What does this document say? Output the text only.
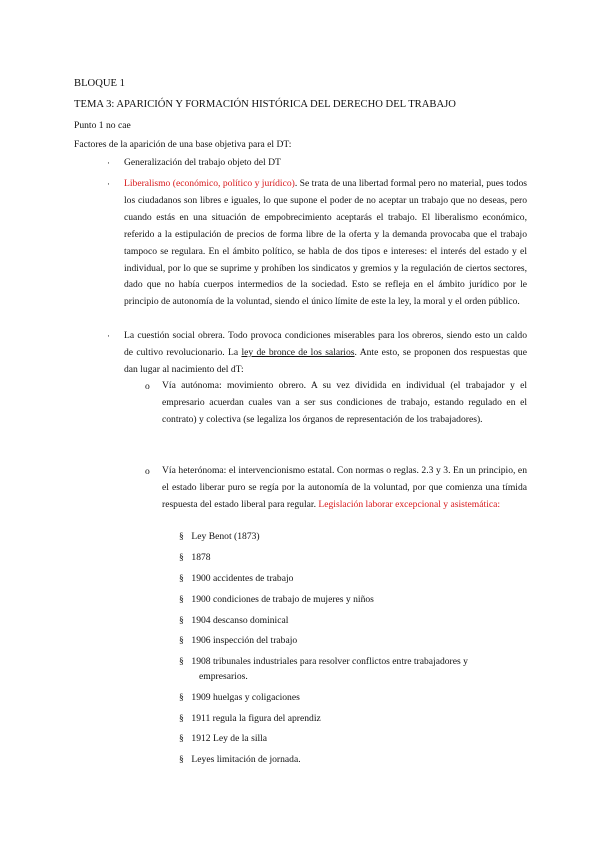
BLOQUE 1
TEMA 3: APARICIÓN Y FORMACIÓN HISTÓRICA DEL DERECHO DEL TRABAJO
Punto 1 no cae
Factores de la aparición de una base objetiva para el DT:
· Generalización del trabajo objeto del DT
· Liberalismo (económico, político y jurídico). Se trata de una libertad formal pero no material, pues todos los ciudadanos son libres e iguales, lo que supone el poder de no aceptar un trabajo que no deseas, pero cuando estás en una situación de empobrecimiento aceptarás el trabajo. El liberalismo económico, referido a la estipulación de precios de forma libre de la oferta y la demanda provocaba que el trabajo tampoco se regulara. En el ámbito político, se habla de dos tipos e intereses: el interés del estado y el individual, por lo que se suprime y prohíben los sindicatos y gremios y la regulación de ciertos sectores, dado que no había cuerpos intermedios de la sociedad. Esto se refleja en el ámbito jurídico por le principio de autonomía de la voluntad, siendo el único límite de este la ley, la moral y el orden público.
· La cuestión social obrera. Todo provoca condiciones miserables para los obreros, siendo esto un caldo de cultivo revolucionario. La ley de bronce de los salarios. Ante esto, se proponen dos respuestas que dan lugar al nacimiento del dT:
o Vía autónoma: movimiento obrero. A su vez dividida en individual (el trabajador y el empresario acuerdan cuales van a ser sus condiciones de trabajo, estando regulado en el contrato) y colectiva (se legaliza los órganos de representación de los trabajadores).
o Vía heterónoma: el intervencionismo estatal. Con normas o reglas. 2.3 y 3. En un principio, en el estado liberar puro se regía por la autonomía de la voluntad, por que comienza una tímida respuesta del estado liberal para regular. Legislación laborar excepcional y asistemática:
§ Ley Benot (1873)
§ 1878
§ 1900 accidentes de trabajo
§ 1900 condiciones de trabajo de mujeres y niños
§ 1904 descanso dominical
§ 1906 inspección del trabajo
§ 1908 tribunales industriales para resolver conflictos entre trabajadores y
empresarios.
§ 1909 huelgas y coligaciones
§ 1911 regula la figura del aprendiz
§ 1912 Ley de la silla
§ Leyes limitación de jornada.
